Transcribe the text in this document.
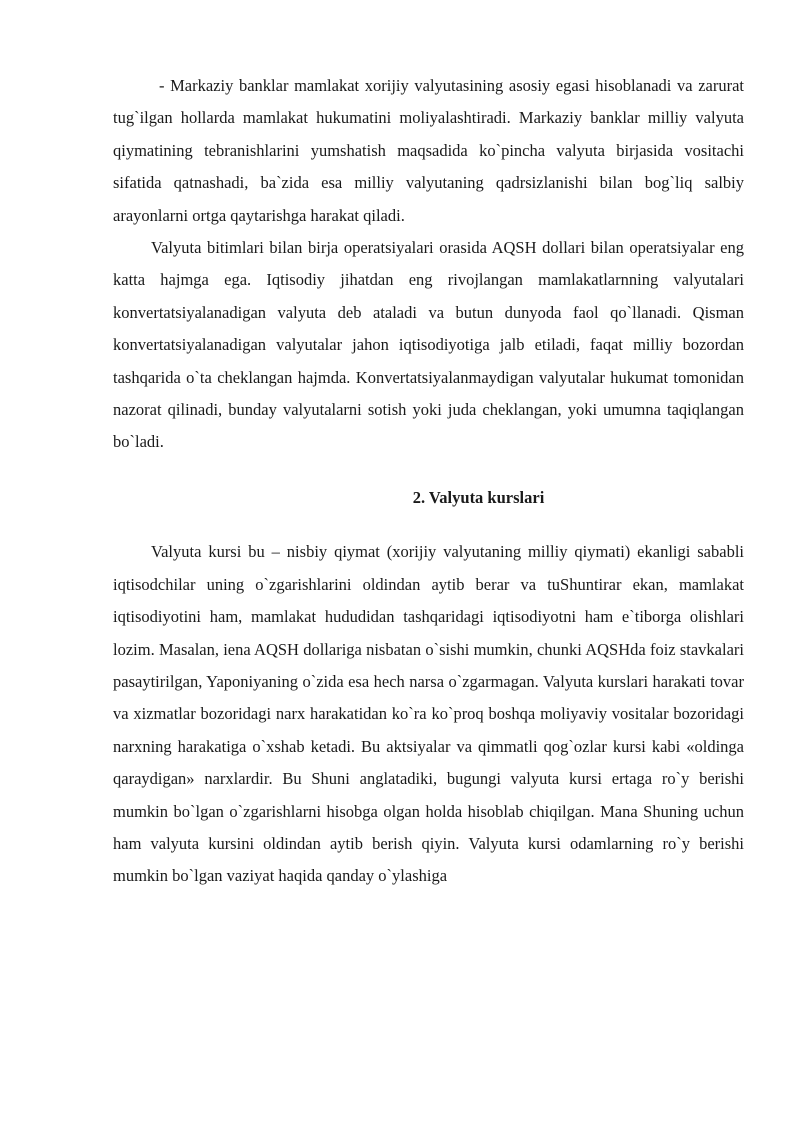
- Markaziy banklar mamlakat xorijiy valyutasining asosiy egasi hisoblanadi va zarurat tug`ilgan hollarda mamlakat hukumatini moliyalashtiradi. Markaziy banklar milliy valyuta qiymatining tebranishlarini yumshatish maqsadida ko`pincha valyuta birjasida vositachi sifatida qatnashadi, ba`zida esa milliy valyutaning qadrsizlanishi bilan bog`liq salbiy arayonlarni ortga qaytarishga harakat qiladi.

Valyuta bitimlari bilan birja operatsiyalari orasida AQSH dollari bilan operatsiyalar eng katta hajmga ega. Iqtisodiy jihatdan eng rivojlangan mamlakatlarnning valyutalari konvertatsiyalanadigan valyuta deb ataladi va butun dunyoda faol qo`llanadi. Qisman konvertatsiyalanadigan valyutalar jahon iqtisodiyotiga jalb etiladi, faqat milliy bozordan tashqarida o`ta cheklangan hajmda. Konvertatsiyalanmaydigan valyutalar hukumat tomonidan nazorat qilinadi, bunday valyutalarni sotish yoki juda cheklangan, yoki umumna taqiqlangan bo`ladi.

2. Valyuta kurslari

Valyuta kursi bu – nisbiy qiymat (xorijiy valyutaning milliy qiymati) ekanligi sababli iqtisodchilar uning o`zgarishlarini oldindan aytib berar va tuShuntirar ekan, mamlakat iqtisodiyotini ham, mamlakat hududidan tashqaridagi iqtisodiyotni ham e`tiborga olishlari lozim. Masalan, iena AQSH dollariga nisbatan o`sishi mumkin, chunki AQSHda foiz stavkalari pasaytirilgan, Yaponiyaning o`zida esa hech narsa o`zgarmagan. Valyuta kurslari harakati tovar va xizmatlar bozoridagi narx harakatidan ko`ra ko`proq boshqa moliyaviy vositalar bozoridagi narxning harakatiga o`xshab ketadi. Bu aktsiyalar va qimmatli qog`ozlar kursi kabi «oldinga qaraydigan» narxlardir. Bu Shuni anglatadiki, bugungi valyuta kursi ertaga ro`y berishi mumkin bo`lgan o`zgarishlarni hisobga olgan holda hisoblab chiqilgan. Mana Shuning uchun ham valyuta kursini oldindan aytib berish qiyin. Valyuta kursi odamlarning ro`y berishi mumkin bo`lgan vaziyat haqida qanday o`ylashiga
